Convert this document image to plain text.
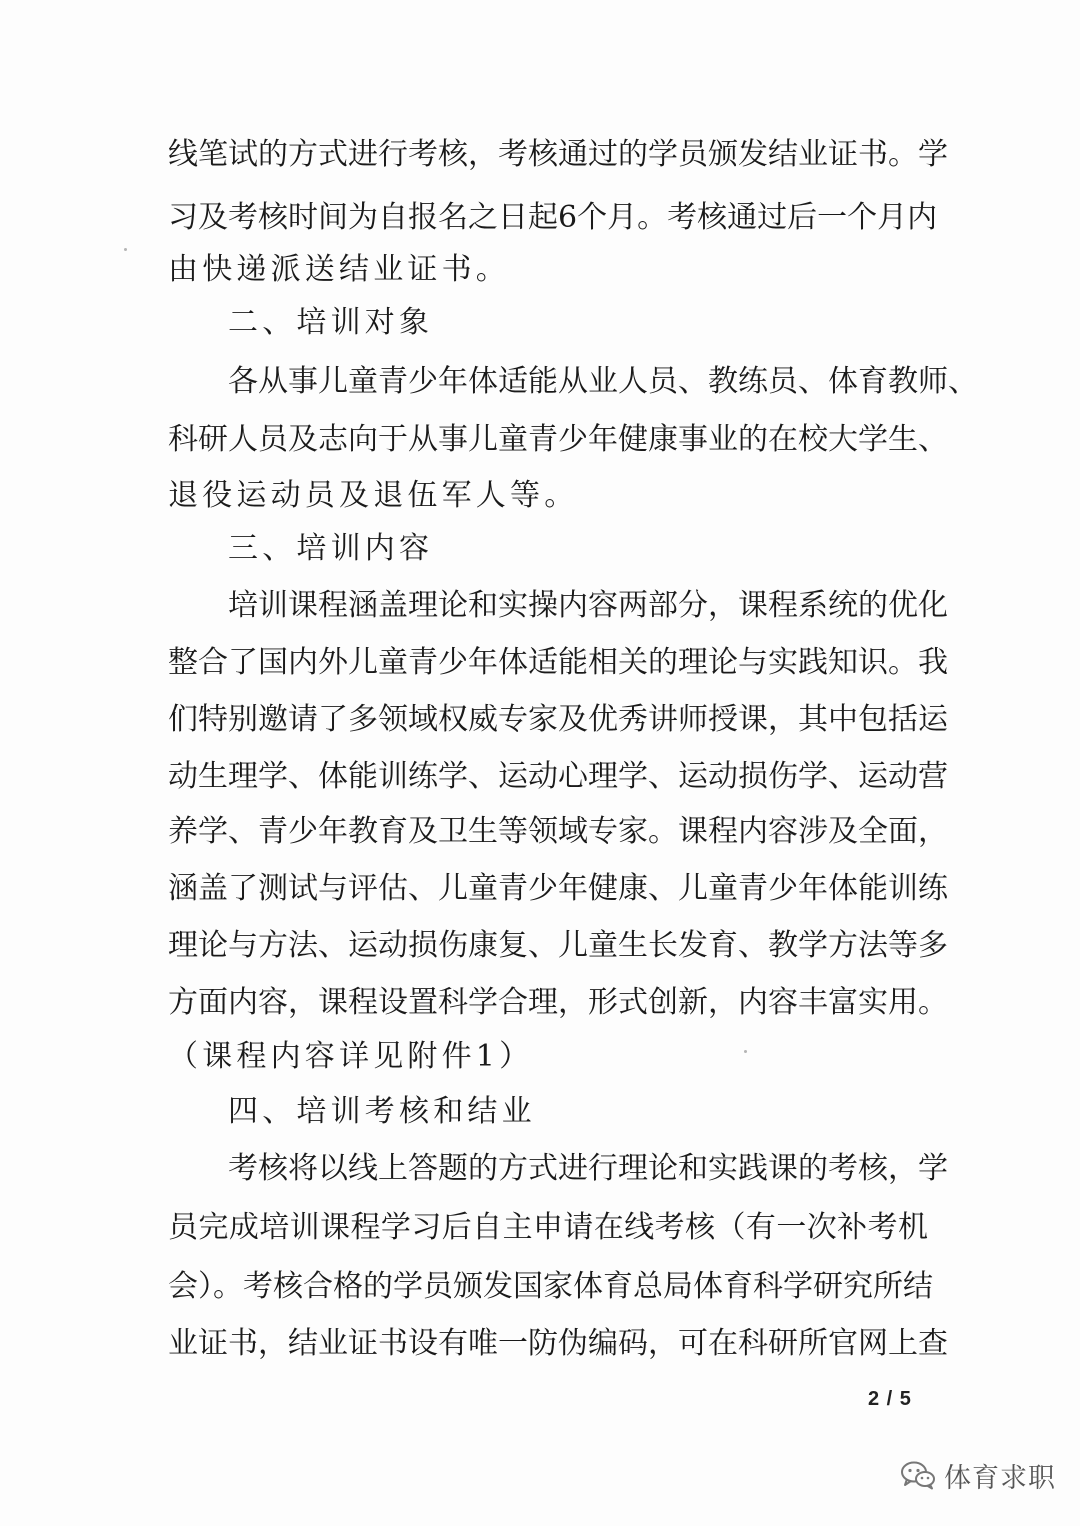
线笔试的方式进行考核，考核通过的学员颁发结业证书。学
习及考核时间为自报名之日起6个月。考核通过后一个月内
由快递派送结业证书。
二、培训对象
各从事儿童青少年体适能从业人员、教练员、体育教师、
科研人员及志向于从事儿童青少年健康事业的在校大学生、
退役运动员及退伍军人等。
三、培训内容
培训课程涵盖理论和实操内容两部分，课程系统的优化
整合了国内外儿童青少年体适能相关的理论与实践知识。我
们特别邀请了多领域权威专家及优秀讲师授课，其中包括运
动生理学、体能训练学、运动心理学、运动损伤学、运动营
养学、青少年教育及卫生等领域专家。课程内容涉及全面，
涵盖了测试与评估、儿童青少年健康、儿童青少年体能训练
理论与方法、运动损伤康复、儿童生长发育、教学方法等多
方面内容，课程设置科学合理，形式创新，内容丰富实用。
（课程内容详见附件1）
四、培训考核和结业
考核将以线上答题的方式进行理论和实践课的考核，学
员完成培训课程学习后自主申请在线考核（有一次补考机
会）。考核合格的学员颁发国家体育总局体育科学研究所结
业证书，结业证书设有唯一防伪编码，可在科研所官网上查
2 / 5
体育求职
